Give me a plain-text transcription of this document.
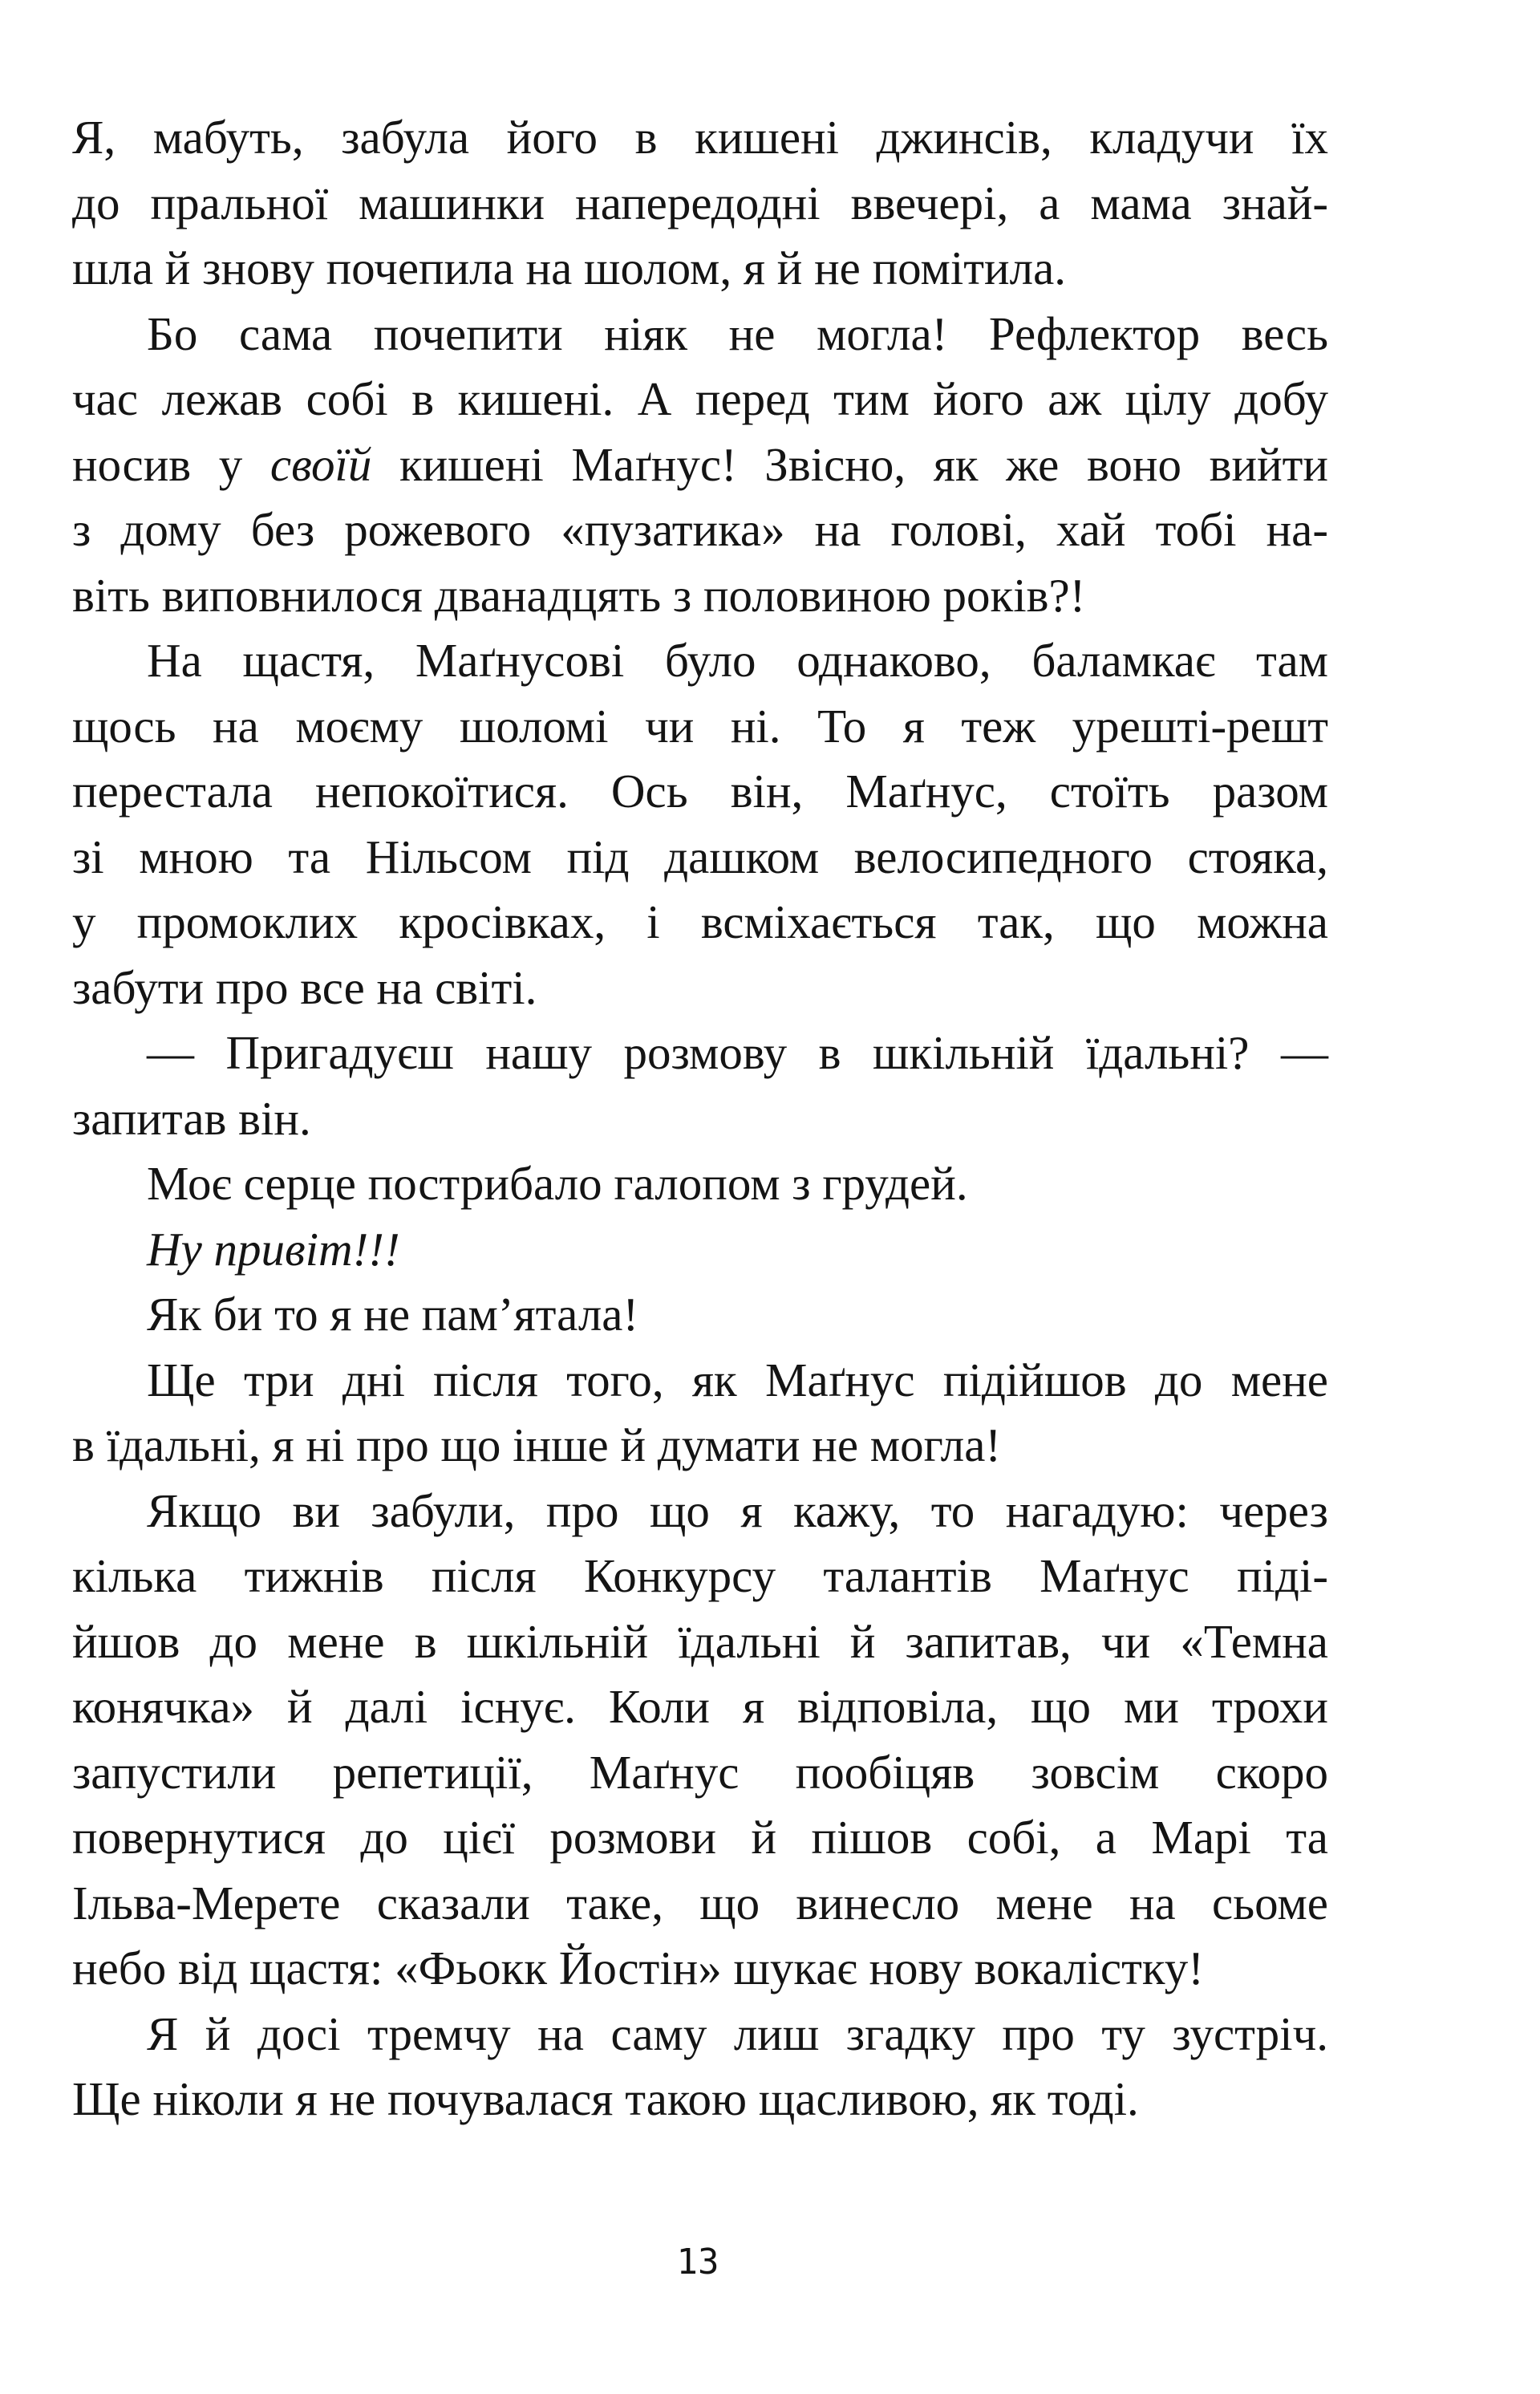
Я, мабуть, забула його в кишені джинсів, кладучи їх
до пральної машинки напередодні ввечері, а мама знай-
шла й знову почепила на шолом, я й не помітила.
Бо сама почепити ніяк не могла! Рефлектор весь
час лежав собі в кишені. А перед тим його аж цілу добу
носив у своїй кишені Маґнус! Звісно, як же воно вийти
з дому без рожевого «пузатика» на голові, хай тобі на-
віть виповнилося дванадцять з половиною років?!
На щастя, Маґнусові було однаково, баламкає там
щось на моєму шоломі чи ні. То я теж урешті-решт
перестала непокоїтися. Ось він, Маґнус, стоїть разом
зі мною та Нільсом під дашком велосипедного стояка,
у промоклих кросівках, і всміхається так, що можна
забути про все на світі.
— Пригадуєш нашу розмову в шкільній їдальні? —
запитав він.
Моє серце пострибало галопом з грудей.
Ну привіт!!!
Як би то я не пам’ятала!
Ще три дні після того, як Маґнус підійшов до мене
в їдальні, я ні про що інше й думати не могла!
Якщо ви забули, про що я кажу, то нагадую: через
кілька тижнів після Конкурсу талантів Маґнус піді-
йшов до мене в шкільній їдальні й запитав, чи «Темна
конячка» й далі існує. Коли я відповіла, що ми трохи
запустили репетиції, Маґнус пообіцяв зовсім скоро
повернутися до цієї розмови й пішов собі, а Марі та
Ільва-Мерете сказали таке, що винесло мене на сьоме
небо від щастя: «Фьокк Йостін» шукає нову вокалістку!
Я й досі тремчу на саму лиш згадку про ту зустріч.
Ще ніколи я не почувалася такою щасливою, як тоді.
13
